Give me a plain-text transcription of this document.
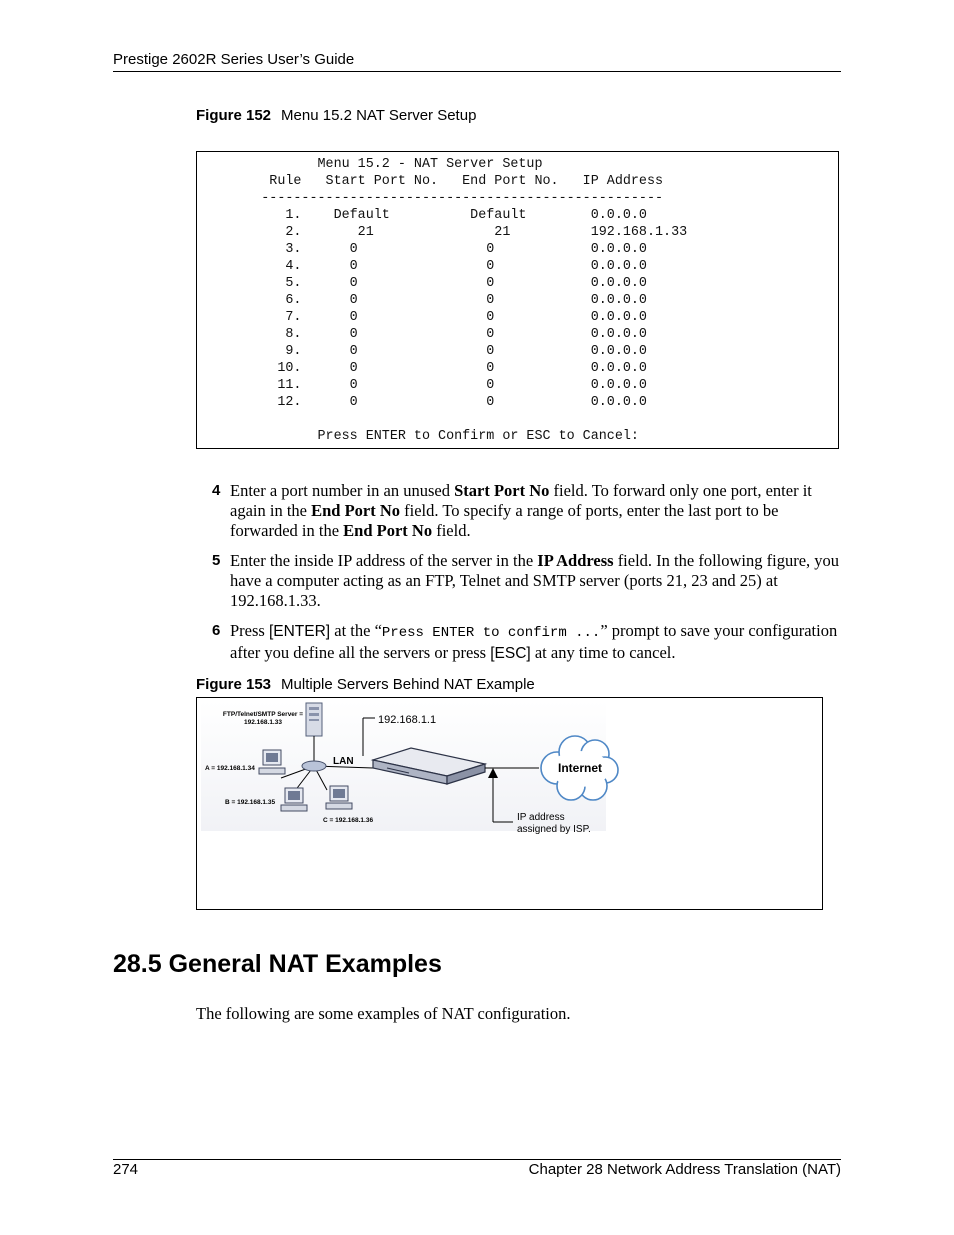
Prestige 2602R Series User’s Guide
Figure 152 Menu 15.2 NAT Server Setup
Menu 15.2 - NAT Server Setup
Rule   Start Port No.   End Port No.   IP Address
--------------------------------------------------
1.    Default          Default        0.0.0.0
2.       21               21          192.168.1.33
3.      0                0            0.0.0.0
4.      0                0            0.0.0.0
5.      0                0            0.0.0.0
6.      0                0            0.0.0.0
7.      0                0            0.0.0.0
8.      0                0            0.0.0.0
9.      0                0            0.0.0.0
10.      0                0            0.0.0.0
11.      0                0            0.0.0.0
12.      0                0            0.0.0.0
Press ENTER to Confirm or ESC to Cancel:
4 Enter a port number in an unused Start Port No field. To forward only one port, enter it again in the End Port No field. To specify a range of ports, enter the last port to be forwarded in the End Port No field.
5 Enter the inside IP address of the server in the IP Address field. In the following figure, you have a computer acting as an FTP, Telnet and SMTP server (ports 21, 23 and 25) at 192.168.1.33.
6 Press [ENTER] at the “Press ENTER to confirm ...” prompt to save your configuration after you define all the servers or press [ESC] at any time to cancel.
Figure 153 Multiple Servers Behind NAT Example
FTP/Telnet/SMTP Server =
192.168.1.33
A = 192.168.1.34
B = 192.168.1.35
C = 192.168.1.36
LAN
192.168.1.1
IP address
assigned by ISP.
Internet
28.5 General NAT Examples
The following are some examples of NAT configuration.
274	Chapter 28 Network Address Translation (NAT)
